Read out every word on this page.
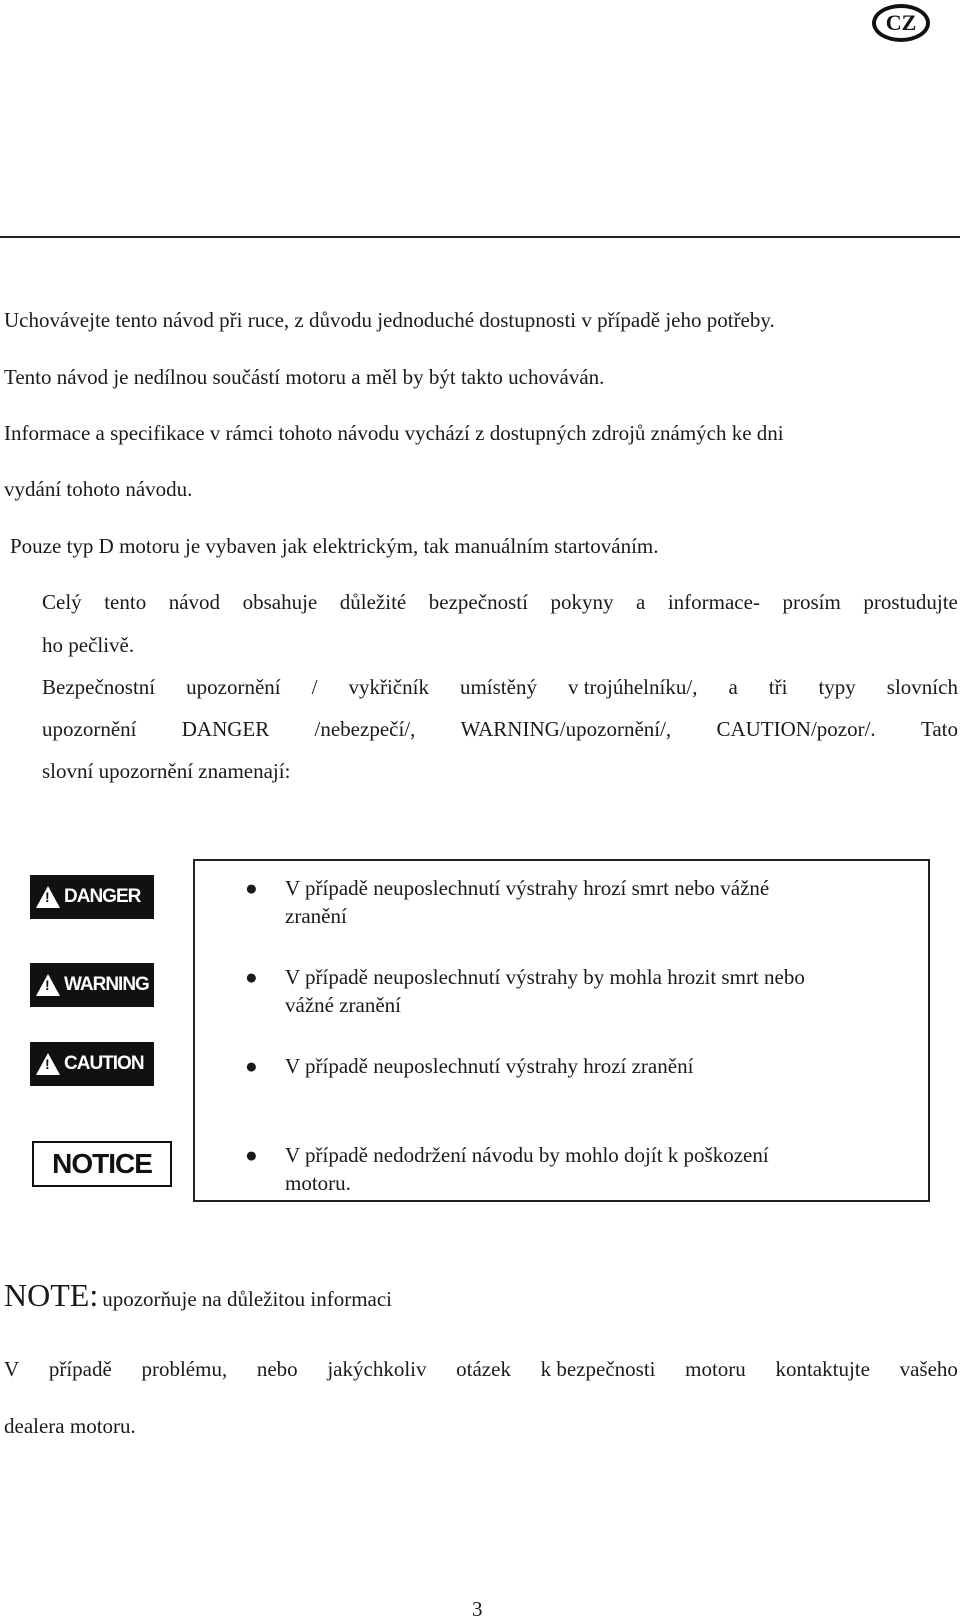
CZ
Uchovávejte tento návod při ruce, z důvodu jednoduché dostupnosti v případě jeho potřeby.
Tento návod je nedílnou součástí motoru a měl by být takto uchováván.
Informace a specifikace v rámci tohoto návodu vychází z dostupných zdrojů známých ke dni
vydání tohoto návodu.
Pouze typ D motoru je vybaven jak elektrickým, tak manuálním startováním.
Celý tento návod obsahuje důležité bezpečností pokyny a informace- prosím prostudujte
ho pečlivě.
Bezpečnostní upozornění / vykřičník umístěný v trojúhelníku/, a tři typy slovních
upozornění DANGER /nebezpečí/, WARNING/upozornění/, CAUTION/pozor/. Tato
slovní upozornění znamenají:
!
DANGER
!
WARNING
!
CAUTION
NOTICE
● V případě neuposlechnutí výstrahy hrozí smrt nebo vážné
zranění
● V případě neuposlechnutí výstrahy by mohla hrozit smrt nebo
vážné zranění
● V případě neuposlechnutí výstrahy hrozí zranění
● V případě nedodržení návodu by mohlo dojít k poškození
motoru.
NOTE: upozorňuje na důležitou informaci
V případě problému, nebo jakýchkoliv otázek k bezpečnosti motoru kontaktujte vašeho
dealera motoru.
3
